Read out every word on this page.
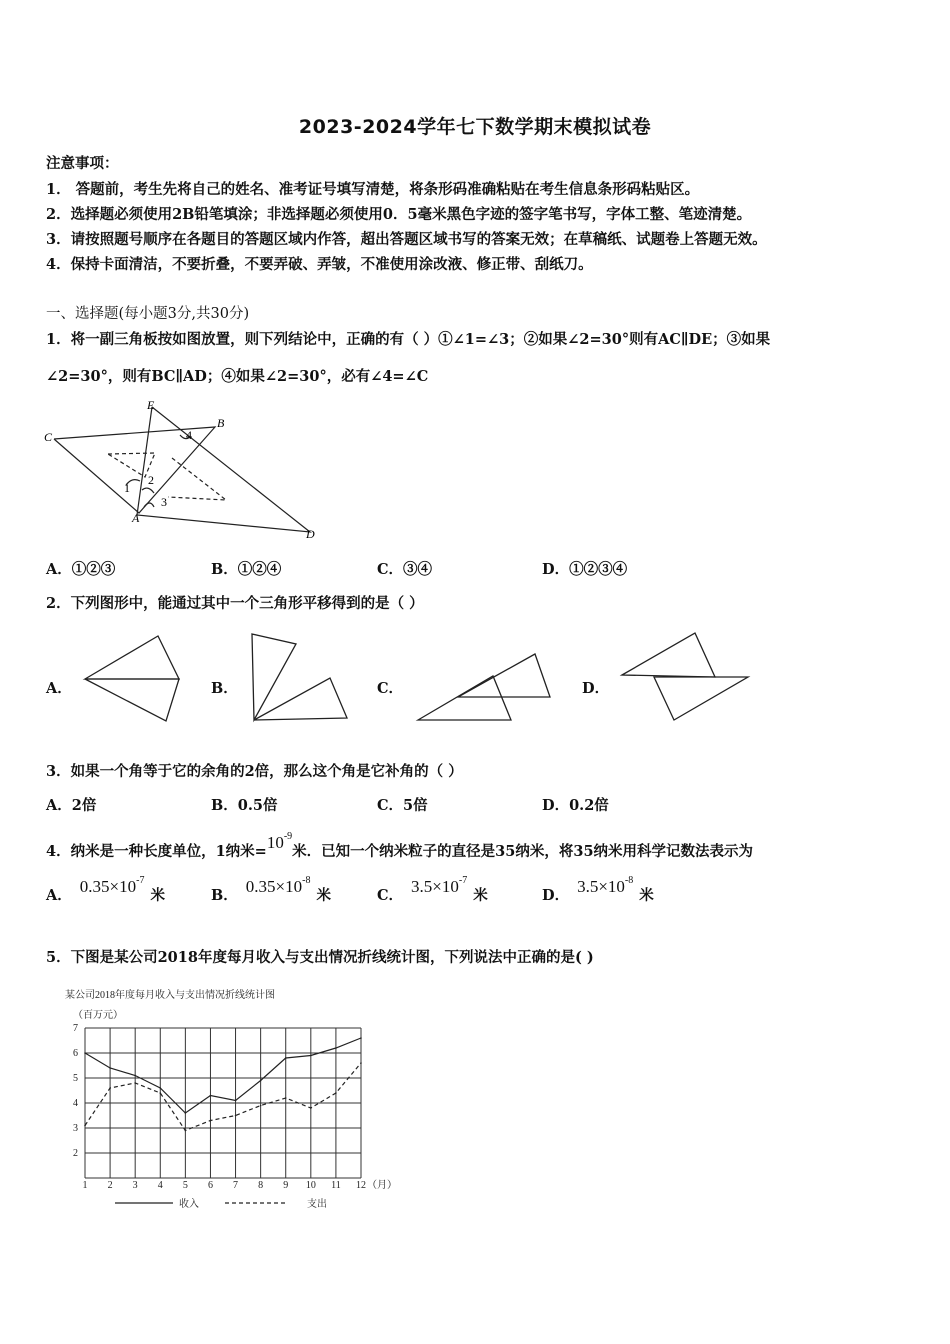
2023-2024学年七下数学期末模拟试卷
注意事项：
1． 答题前，考生先将自己的姓名、准考证号填写清楚，将条形码准确粘贴在考生信息条形码粘贴区。
2．选择题必须使用2B铅笔填涂；非选择题必须使用0．5毫米黑色字迹的签字笔书写，字体工整、笔迹清楚。
3．请按照题号顺序在各题目的答题区域内作答，超出答题区域书写的答案无效；在草稿纸、试题卷上答题无效。
4．保持卡面清洁，不要折叠，不要弄破、弄皱，不准使用涂改液、修正带、刮纸刀。
一、选择题(每小题3分,共30分)
1．将一副三角板按如图放置，则下列结论中，正确的有（ ）①∠1=∠3；②如果∠2=30°则有AC∥DE；③如果
∠2=30°，则有BC∥AD；④如果∠2=30°，必有∠4=∠C
E
B
C
A
D
1
2
3
4
A．①②③	B．①②④	C．③④	D．①②③④
2．下列图形中，能通过其中一个三角形平移得到的是（ ）
A．	B．	C．	D．
3．如果一个角等于它的余角的2倍，那么这个角是它补角的（ ）
A．2倍	B．0.5倍	C．5倍	D．0.2倍
4．纳米是一种长度单位，1纳米$=10^{-9}$米．已知一个纳米粒子的直径是35纳米，将35纳米用科学记数法表示为
A． $0.35\times 10^{-7}$米	B． $0.35\times 10^{-8}$米	C． $3.5\times 10^{-7}$米	D． $3.5\times 10^{-8}$米
5．下图是某公司2018年度每月收入与支出情况折线统计图，下列说法中正确的是( )
某公司2018年度每月收入与支出情况折线统计图
（百万元）
1 2 3 4 5 6 7 8 9 10 11 12
2
3
4
5
6
7
（月）
收入	支出
